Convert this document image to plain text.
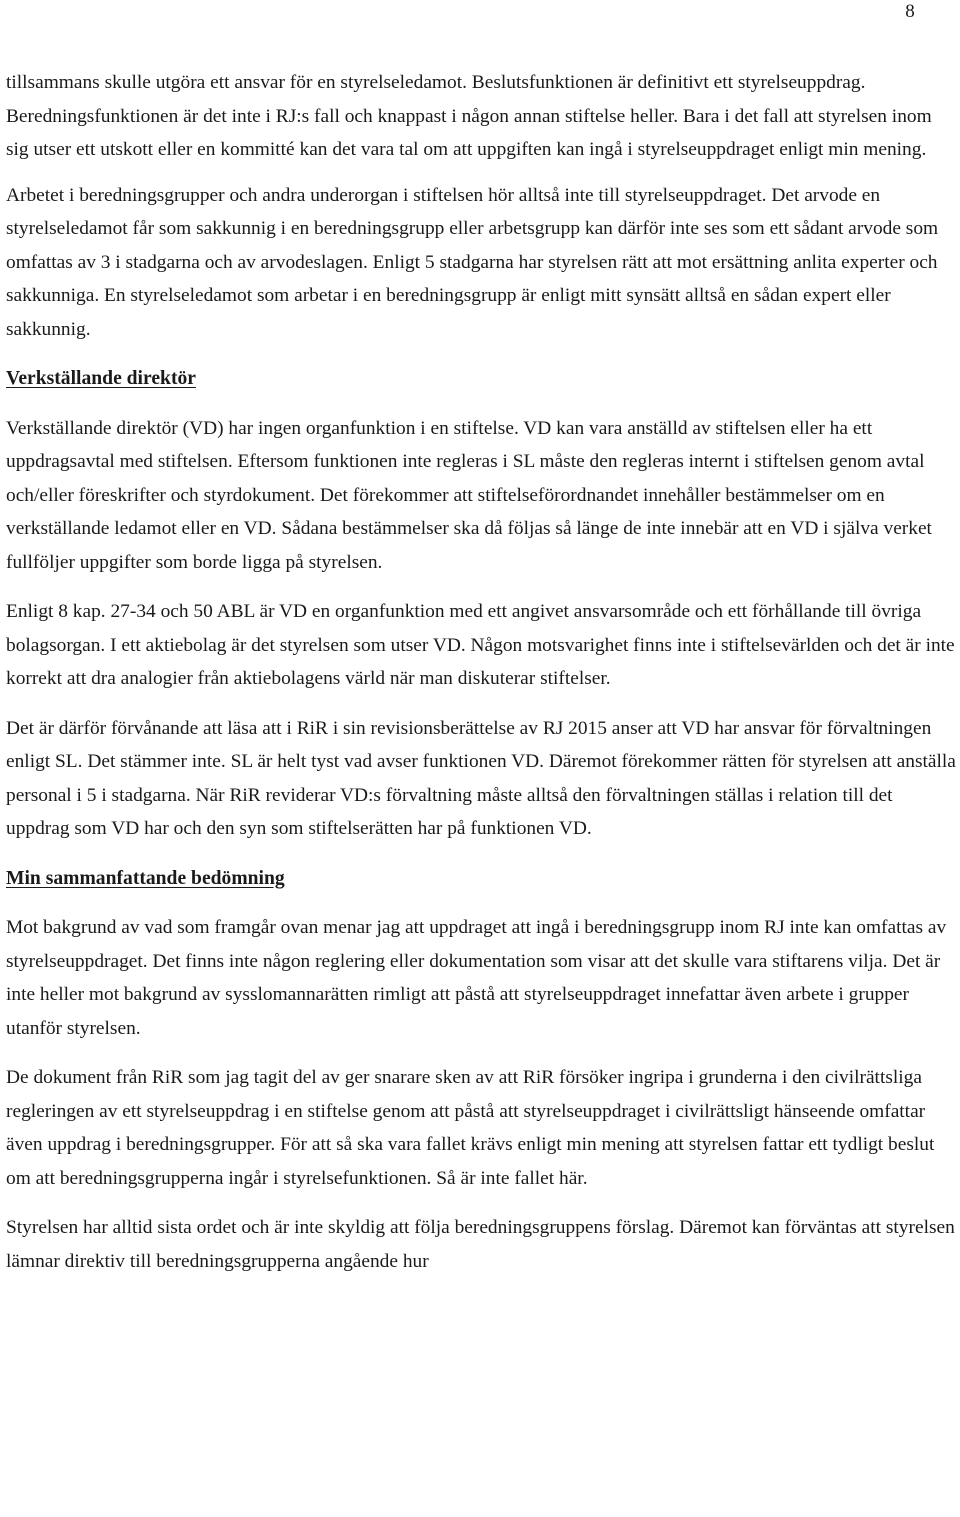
8

tillsammans skulle utgöra ett ansvar för en styrelseledamot. Beslutsfunktionen är definitivt ett styrelseuppdrag. Beredningsfunktionen är det inte i RJ:s fall och knappast i någon annan stiftelse heller. Bara i det fall att styrelsen inom sig utser ett utskott eller en kommitté kan det vara tal om att uppgiften kan ingå i styrelseuppdraget enligt min mening.

Arbetet i beredningsgrupper och andra underorgan i stiftelsen hör alltså inte till styrelseuppdraget. Det arvode en styrelseledamot får som sakkunnig i en beredningsgrupp eller arbetsgrupp kan därför inte ses som ett sådant arvode som omfattas av 3 i stadgarna och av arvodeslagen. Enligt 5 stadgarna har styrelsen rätt att mot ersättning anlita experter och sakkunniga. En styrelseledamot som arbetar i en beredningsgrupp är enligt mitt synsätt alltså en sådan expert eller sakkunnig.

Verkställande direktör

Verkställande direktör (VD) har ingen organfunktion i en stiftelse. VD kan vara anställd av stiftelsen eller ha ett uppdragsavtal med stiftelsen. Eftersom funktionen inte regleras i SL måste den regleras internt i stiftelsen genom avtal och/eller föreskrifter och styrdokument. Det förekommer att stiftelseförordnandet innehåller bestämmelser om en verkställande ledamot eller en VD. Sådana bestämmelser ska då följas så länge de inte innebär att en VD i själva verket fullföljer uppgifter som borde ligga på styrelsen.

Enligt 8 kap. 27-34 och 50 ABL är VD en organfunktion med ett angivet ansvarsområde och ett förhållande till övriga bolagsorgan. I ett aktiebolag är det styrelsen som utser VD. Någon motsvarighet finns inte i stiftelsevärlden och det är inte korrekt att dra analogier från aktiebolagens värld när man diskuterar stiftelser.

Det är därför förvånande att läsa att i RiR i sin revisionsberättelse av RJ 2015 anser att VD har ansvar för förvaltningen enligt SL. Det stämmer inte. SL är helt tyst vad avser funktionen VD. Däremot förekommer rätten för styrelsen att anställa personal i 5 i stadgarna. När RiR reviderar VD:s förvaltning måste alltså den förvaltningen ställas i relation till det uppdrag som VD har och den syn som stiftelserätten har på funktionen VD.

Min sammanfattande bedömning

Mot bakgrund av vad som framgår ovan menar jag att uppdraget att ingå i beredningsgrupp inom RJ inte kan omfattas av styrelseuppdraget. Det finns inte någon reglering eller dokumentation som visar att det skulle vara stiftarens vilja. Det är inte heller mot bakgrund av sysslomannarätten rimligt att påstå att styrelseuppdraget innefattar även arbete i grupper utanför styrelsen.

De dokument från RiR som jag tagit del av ger snarare sken av att RiR försöker ingripa i grunderna i den civilrättsliga regleringen av ett styrelseuppdrag i en stiftelse genom att påstå att styrelseuppdraget i civilrättsligt hänseende omfattar även uppdrag i beredningsgrupper. För att så ska vara fallet krävs enligt min mening att styrelsen fattar ett tydligt beslut om att beredningsgrupperna ingår i styrelsefunktionen. Så är inte fallet här.

Styrelsen har alltid sista ordet och är inte skyldig att följa beredningsgruppens förslag. Däremot kan förväntas att styrelsen lämnar direktiv till beredningsgrupperna angående hur
